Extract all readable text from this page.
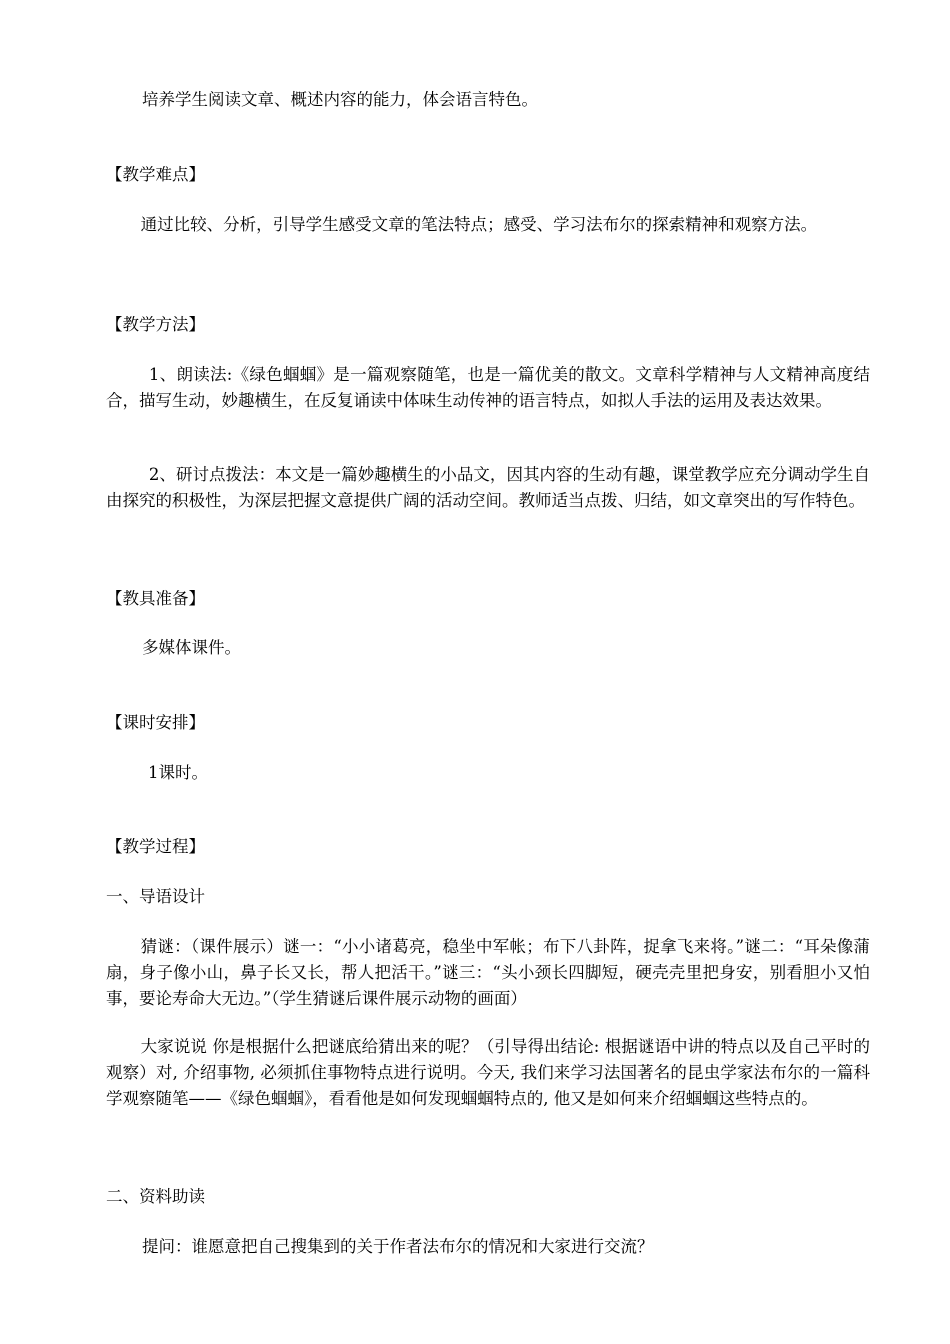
培养学生阅读文章、概述内容的能力，体会语言特色。

【教学难点】

通过比较、分析，引导学生感受文章的笔法特点；感受、学习法布尔的探索精神和观察方法。

【教学方法】

1、朗读法:《绿色蝈蝈》是一篇观察随笔，也是一篇优美的散文。文章科学精神与人文精神高度结合，描写生动，妙趣横生，在反复诵读中体味生动传神的语言特点，如拟人手法的运用及表达效果。

2、研讨点拨法：本文是一篇妙趣横生的小品文，因其内容的生动有趣，课堂教学应充分调动学生自由探究的积极性，为深层把握文意提供广阔的活动空间。教师适当点拨、归结，如文章突出的写作特色。

【教具准备】

多媒体课件。

【课时安排】

1课时。

【教学过程】

一、导语设计

猜谜：（课件展示）谜一：“小小诸葛亮，稳坐中军帐；布下八卦阵，捉拿飞来将。”谜二：“耳朵像蒲扇，身子像小山，鼻子长又长，帮人把活干。”谜三：“头小颈长四脚短，硬壳壳里把身安，别看胆小又怕事，要论寿命大无边。”（学生猜谜后课件展示动物的画面）

大家说说 你是根据什么把谜底给猜出来的呢？（引导得出结论: 根据谜语中讲的特点以及自己平时的观察）对, 介绍事物, 必须抓住事物特点进行说明。今天, 我们来学习法国著名的昆虫学家法布尔的一篇科学观察随笔——《绿色蝈蝈》，看看他是如何发现蝈蝈特点的, 他又是如何来介绍蝈蝈这些特点的。

二、资料助读

提问：谁愿意把自己搜集到的关于作者法布尔的情况和大家进行交流？
